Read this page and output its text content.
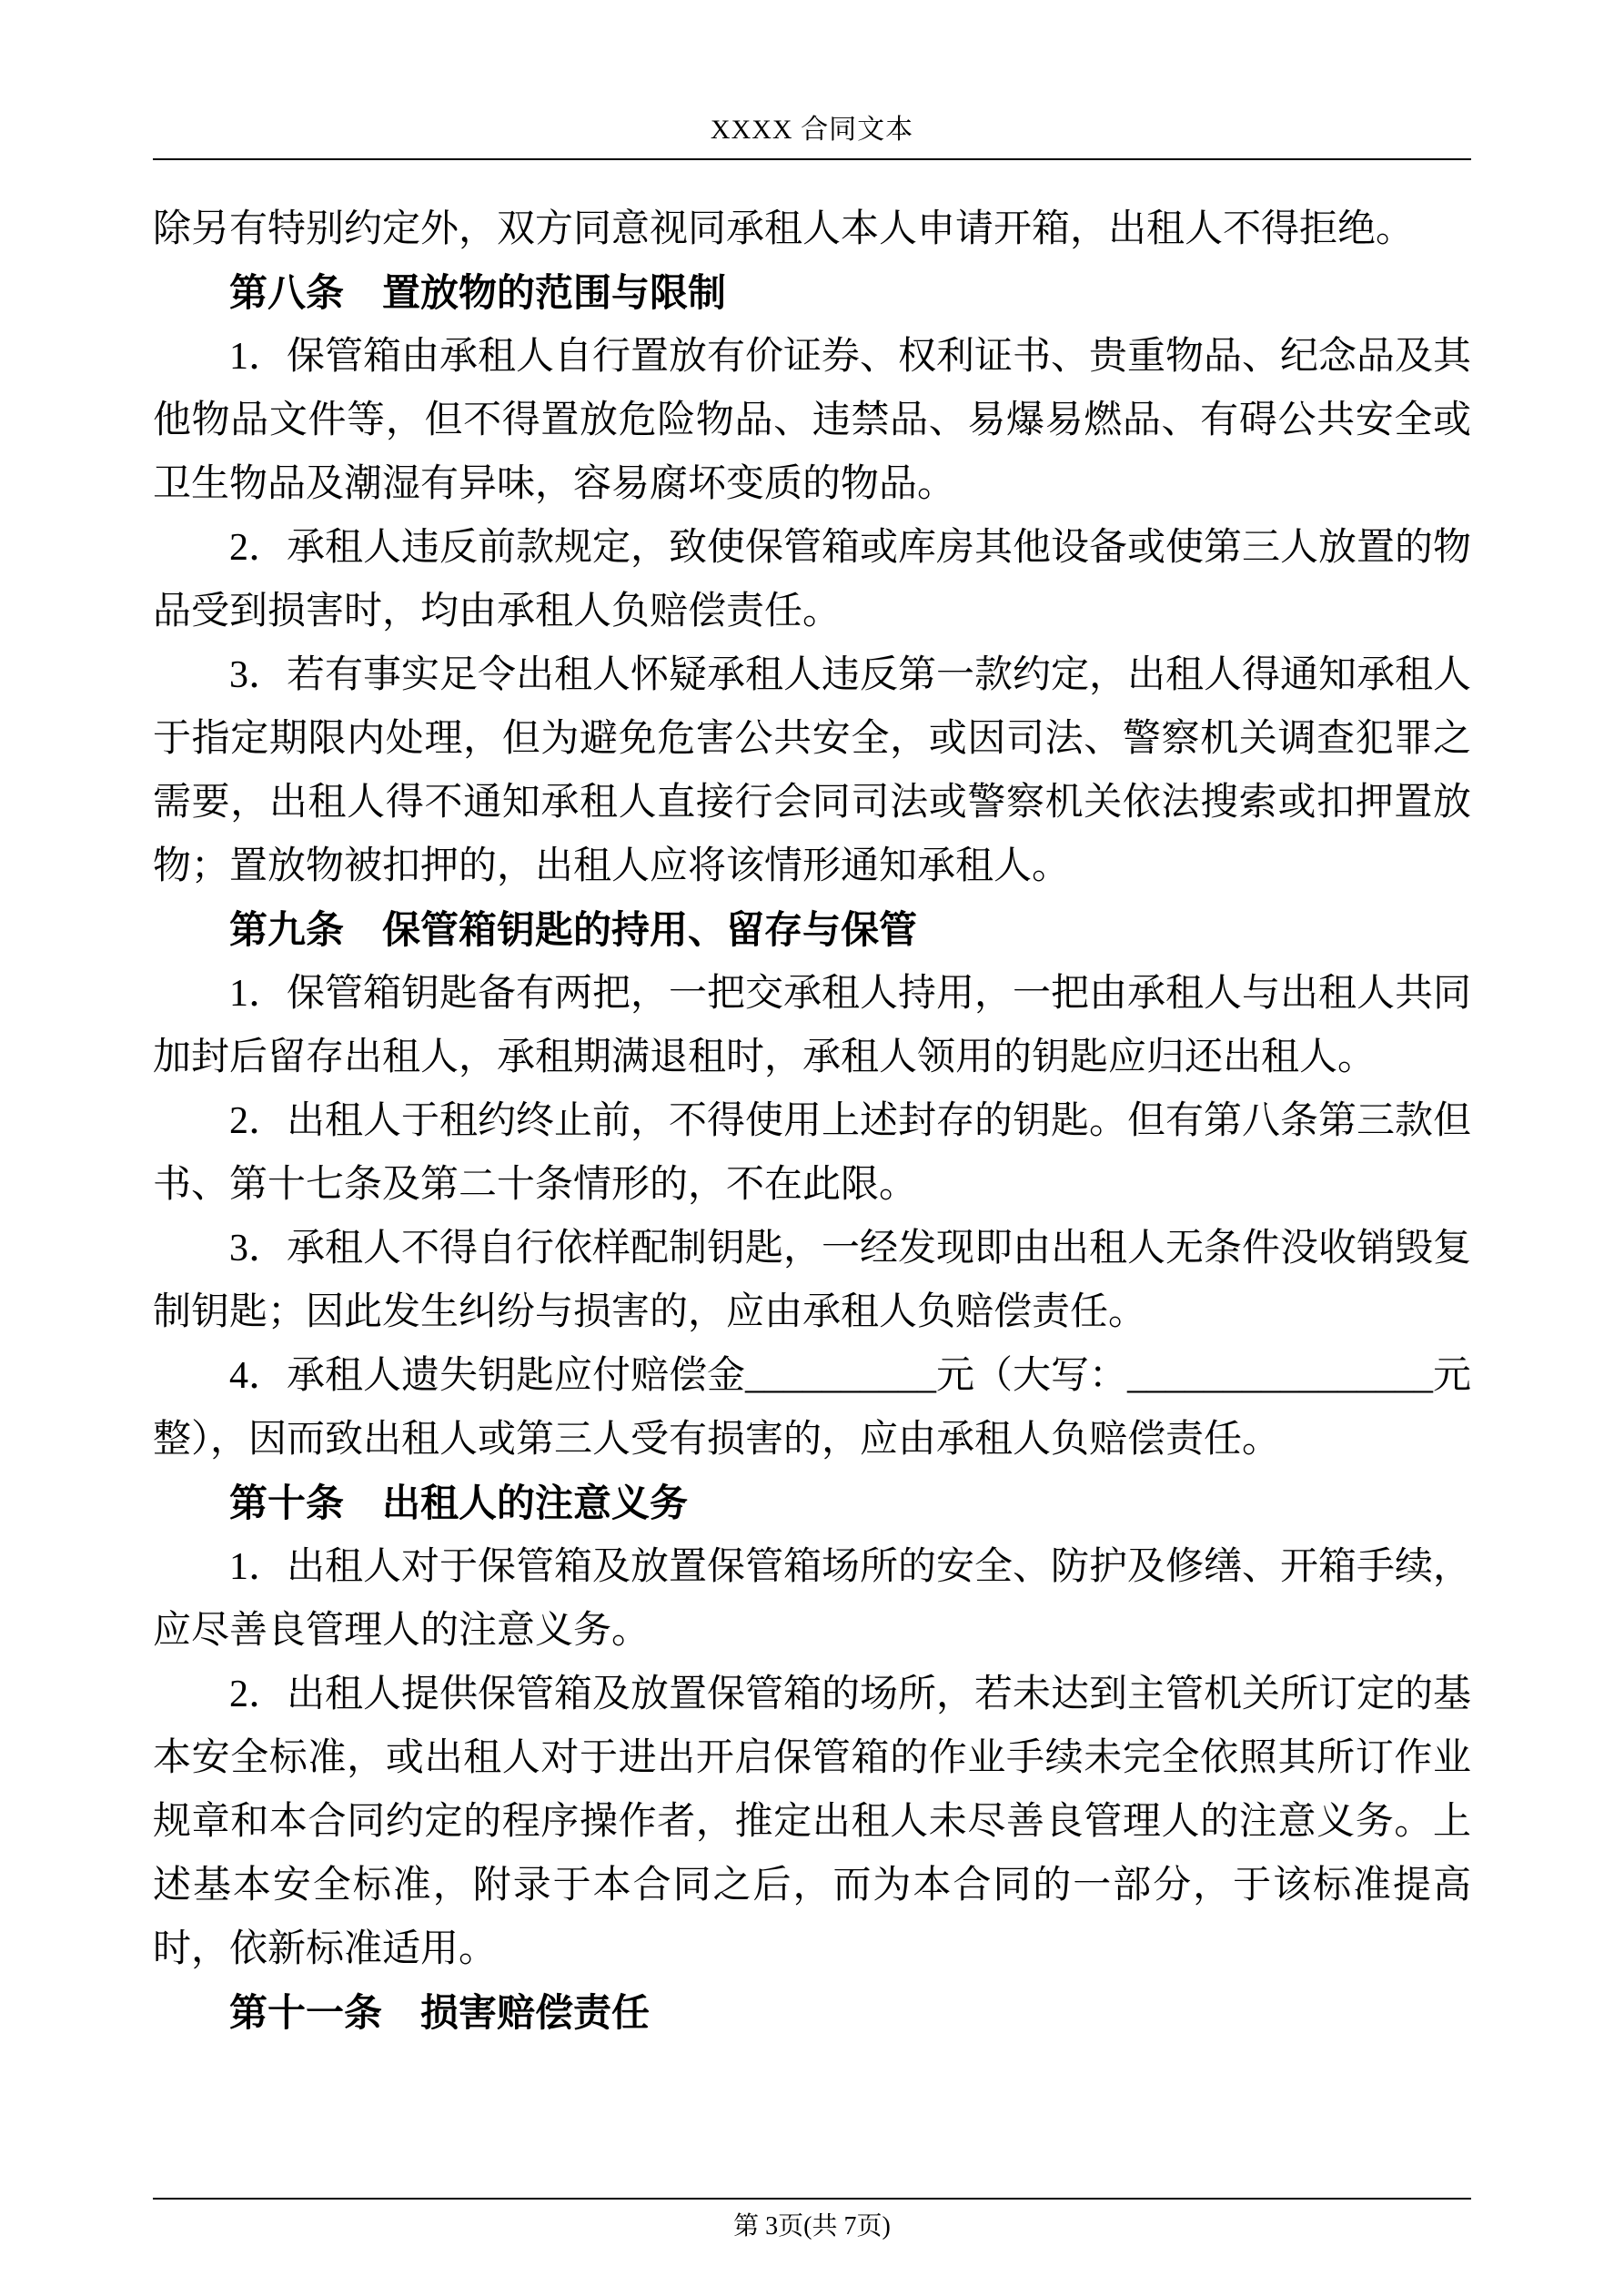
XXXX 合同文本

除另有特别约定外，双方同意视同承租人本人申请开箱，出租人不得拒绝。

第八条　置放物的范围与限制

1．保管箱由承租人自行置放有价证券、权利证书、贵重物品、纪念品及其他物品文件等，但不得置放危险物品、违禁品、易爆易燃品、有碍公共安全或卫生物品及潮湿有异味，容易腐坏变质的物品。

2．承租人违反前款规定，致使保管箱或库房其他设备或使第三人放置的物品受到损害时，均由承租人负赔偿责任。

3．若有事实足令出租人怀疑承租人违反第一款约定，出租人得通知承租人于指定期限内处理，但为避免危害公共安全，或因司法、警察机关调查犯罪之需要，出租人得不通知承租人直接行会同司法或警察机关依法搜索或扣押置放物；置放物被扣押的，出租人应将该情形通知承租人。

第九条　保管箱钥匙的持用、留存与保管

1．保管箱钥匙备有两把，一把交承租人持用，一把由承租人与出租人共同加封后留存出租人，承租期满退租时，承租人领用的钥匙应归还出租人。

2．出租人于租约终止前，不得使用上述封存的钥匙。但有第八条第三款但书、第十七条及第二十条情形的，不在此限。

3．承租人不得自行依样配制钥匙，一经发现即由出租人无条件没收销毁复制钥匙；因此发生纠纷与损害的，应由承租人负赔偿责任。

4．承租人遗失钥匙应付赔偿金__________元（大写：________________元整），因而致出租人或第三人受有损害的，应由承租人负赔偿责任。

第十条　出租人的注意义务

1．出租人对于保管箱及放置保管箱场所的安全、防护及修缮、开箱手续，应尽善良管理人的注意义务。

2．出租人提供保管箱及放置保管箱的场所，若未达到主管机关所订定的基本安全标准，或出租人对于进出开启保管箱的作业手续未完全依照其所订作业规章和本合同约定的程序操作者，推定出租人未尽善良管理人的注意义务。上述基本安全标准，附录于本合同之后，而为本合同的一部分，于该标准提高时，依新标准适用。

第十一条　损害赔偿责任
第 3页(共 7页)
